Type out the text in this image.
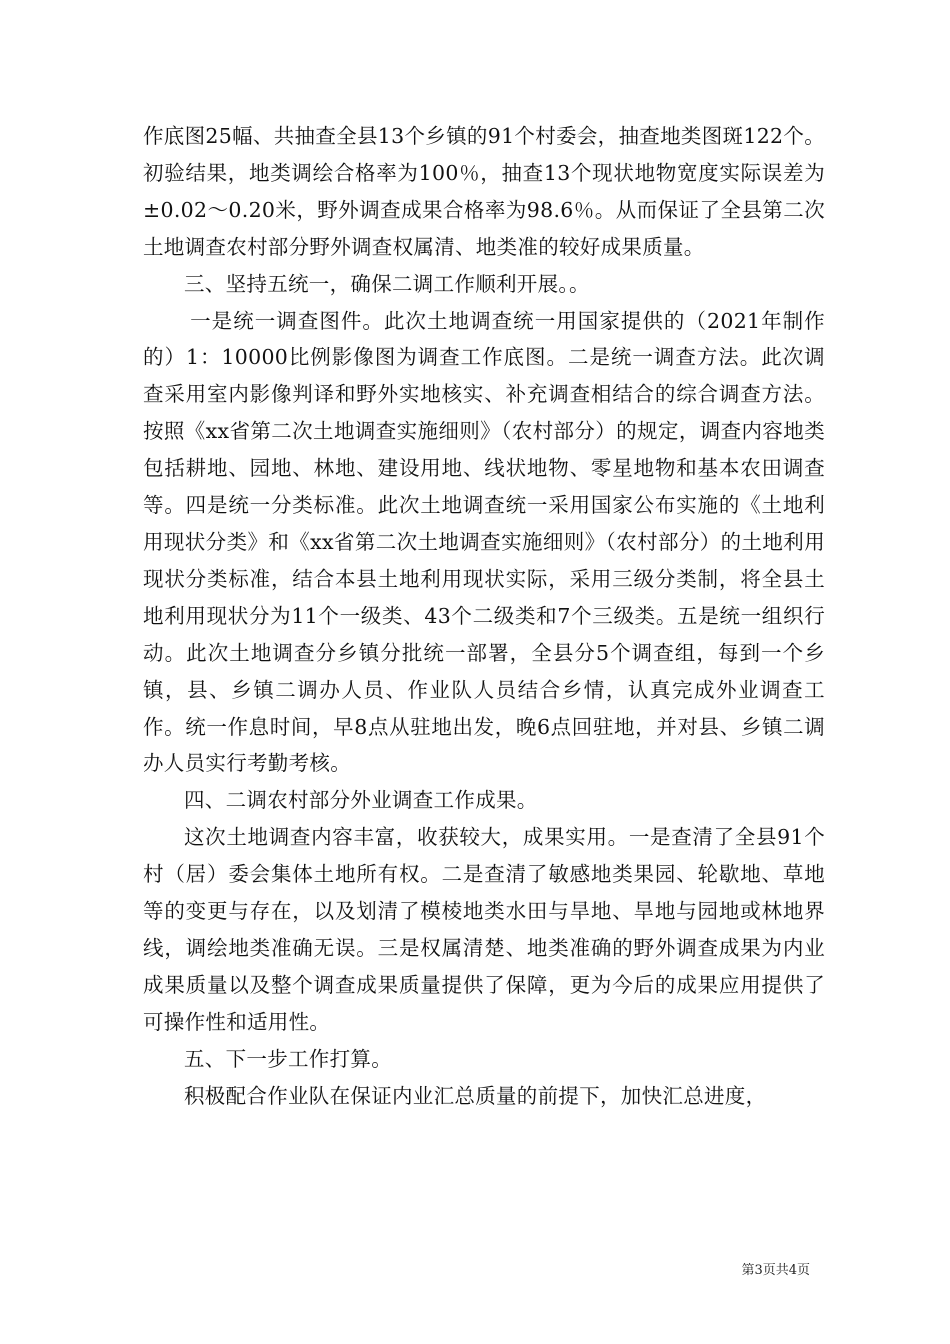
作底图25幅、共抽查全县13个乡镇的91个村委会，抽查地类图斑122个。初验结果，地类调绘合格率为100％，抽查13个现状地物宽度实际误差为±0.02～0.20米，野外调查成果合格率为98.6％。从而保证了全县第二次土地调查农村部分野外调查权属清、地类准的较好成果质量。

三、坚持五统一，确保二调工作顺利开展。。

一是统一调查图件。此次土地调查统一用国家提供的（2021年制作的）1：10000比例影像图为调查工作底图。二是统一调查方法。此次调查采用室内影像判译和野外实地核实、补充调查相结合的综合调查方法。按照《xx省第二次土地调查实施细则》（农村部分）的规定，调查内容地类包括耕地、园地、林地、建设用地、线状地物、零星地物和基本农田调查等。四是统一分类标准。此次土地调查统一采用国家公布实施的《土地利用现状分类》和《xx省第二次土地调查实施细则》（农村部分）的土地利用现状分类标准，结合本县土地利用现状实际，采用三级分类制，将全县土地利用现状分为11个一级类、43个二级类和7个三级类。五是统一组织行动。此次土地调查分乡镇分批统一部署，全县分5个调查组，每到一个乡镇，县、乡镇二调办人员、作业队人员结合乡情，认真完成外业调查工作。统一作息时间，早8点从驻地出发，晚6点回驻地，并对县、乡镇二调办人员实行考勤考核。

四、二调农村部分外业调查工作成果。

这次土地调查内容丰富，收获较大，成果实用。一是查清了全县91个村（居）委会集体土地所有权。二是查清了敏感地类果园、轮歇地、草地等的变更与存在，以及划清了模棱地类水田与旱地、旱地与园地或林地界线，调绘地类准确无误。三是权属清楚、地类准确的野外调查成果为内业成果质量以及整个调查成果质量提供了保障，更为今后的成果应用提供了可操作性和适用性。

五、下一步工作打算。

积极配合作业队在保证内业汇总质量的前提下，加快汇总进度，

第3页共4页
